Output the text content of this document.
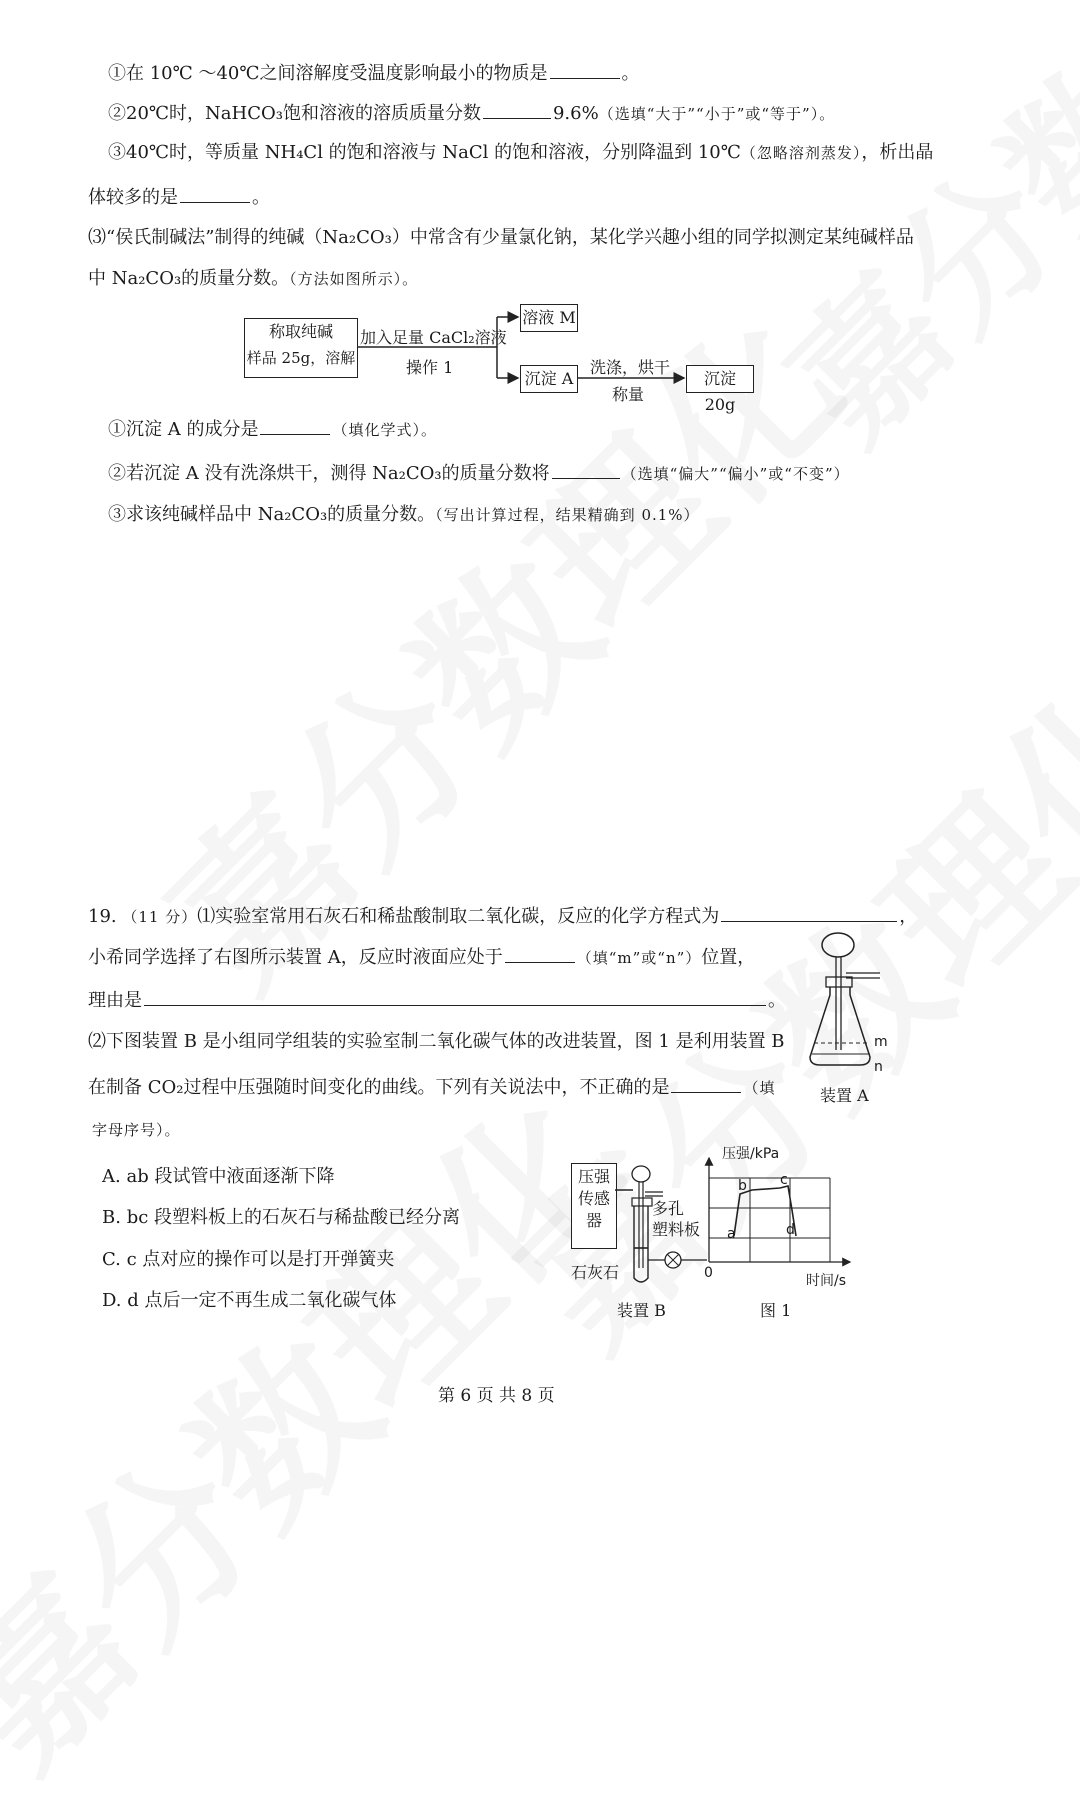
①在 10℃ ～40℃之间溶解度受温度影响最小的物质是	。
②20℃时，NaHCO₃饱和溶液的溶质质量分数	9.6%（选填“大于”“小于”或“等于”）。
③40℃时，等质量 NH₄Cl 的饱和溶液与 NaCl 的饱和溶液，分别降温到 10℃（忽略溶剂蒸发），析出晶
体较多的是	。
⑶“侯氏制碱法”制得的纯碱（Na₂CO₃）中常含有少量氯化钠，某化学兴趣小组的同学拟测定某纯碱样品
中 Na₂CO₃的质量分数。（方法如图所示）。
称取纯碱
样品 25g，溶解
加入足量 CaCl₂溶液
操作 1
溶液 M
沉淀 A
洗涤，烘干
称量
沉淀 20g
①沉淀 A 的成分是	（填化学式）。
②若沉淀 A 没有洗涤烘干，测得 Na₂CO₃的质量分数将	（选填“偏大”“偏小”或“不变”）
③求该纯碱样品中 Na₂CO₃的质量分数。（写出计算过程，结果精确到 0.1%）
19. （11 分）⑴实验室常用石灰石和稀盐酸制取二氧化碳，反应的化学方程式为	，
小希同学选择了右图所示装置 A，反应时液面应处于	（填“m”或“n”）位置，
理由是	。
⑵下图装置 B 是小组同学组装的实验室制二氧化碳气体的改进装置，图 1 是利用装置 B
在制备 CO₂过程中压强随时间变化的曲线。下列有关说法中，不正确的是	（填
字母序号）。
A. ab 段试管中液面逐渐下降
B. bc 段塑料板上的石灰石与稀盐酸已经分离
C. c 点对应的操作可以是打开弹簧夹
D. d 点后一定不再生成二氧化碳气体
m
n
装置 A
压强
传感
器
多孔
塑料板
石灰石
装置 B
压强/kPa
a
b c
d
0	时间/s
图 1
第 6 页 共 8 页
